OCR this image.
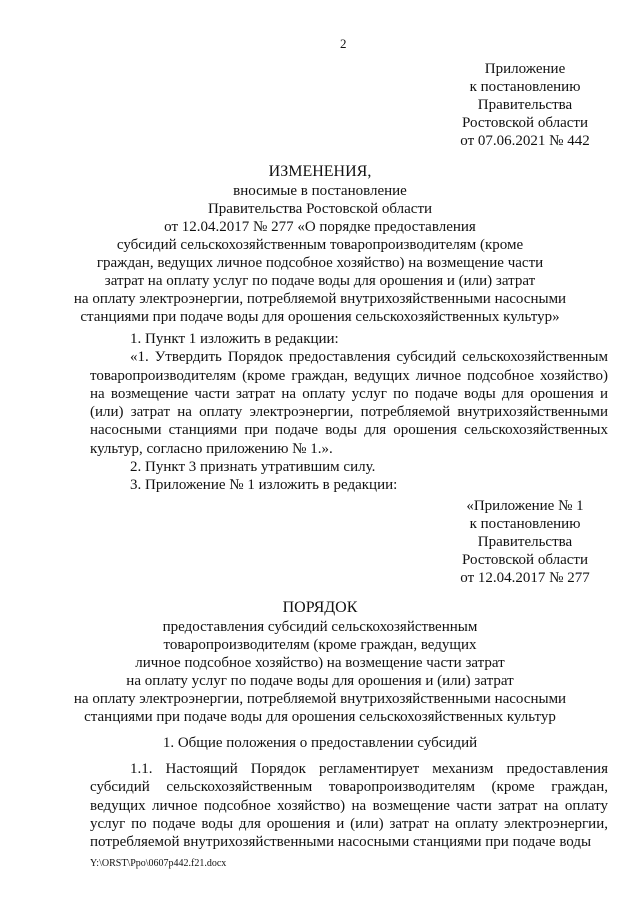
2
Приложение
к постановлению
Правительства
Ростовской области
от 07.06.2021 № 442
ИЗМЕНЕНИЯ,
вносимые в постановление
Правительства Ростовской области
от 12.04.2017 № 277 «О порядке предоставления
субсидий сельскохозяйственным товаропроизводителям (кроме
граждан, ведущих личное подсобное хозяйство) на возмещение части
затрат на оплату услуг по подаче воды для орошения и (или) затрат
на оплату электроэнергии, потребляемой внутрихозяйственными насосными
станциями при подаче воды для орошения сельскохозяйственных культур»

1. Пункт 1 изложить в редакции:

«1. Утвердить Порядок предоставления субсидий сельскохозяйственным товаропроизводителям (кроме граждан, ведущих личное подсобное хозяйство) на возмещение части затрат на оплату услуг по подаче воды для орошения и (или) затрат на оплату электроэнергии, потребляемой внутрихозяйственными насосными станциями при подаче воды для орошения сельскохозяйственных культур, согласно приложению № 1.».

2. Пункт 3 признать утратившим силу.

3. Приложение № 1 изложить в редакции:

«Приложение № 1
к постановлению
Правительства
Ростовской области
от 12.04.2017 № 277
ПОРЯДОК
предоставления субсидий сельскохозяйственным
товаропроизводителям (кроме граждан, ведущих
личное подсобное хозяйство) на возмещение части затрат
на оплату услуг по подаче воды для орошения и (или) затрат
на оплату электроэнергии, потребляемой внутрихозяйственными насосными
станциями при подаче воды для орошения сельскохозяйственных культур
1. Общие положения о предоставлении субсидий

1.1. Настоящий Порядок регламентирует механизм предоставления субсидий сельскохозяйственным товаропроизводителям (кроме граждан, ведущих личное подсобное хозяйство) на возмещение части затрат на оплату услуг по подаче воды для орошения и (или) затрат на оплату электроэнергии, потребляемой внутрихозяйственными насосными станциями при подаче воды

Y:\ORST\Ppo\0607p442.f21.docx
